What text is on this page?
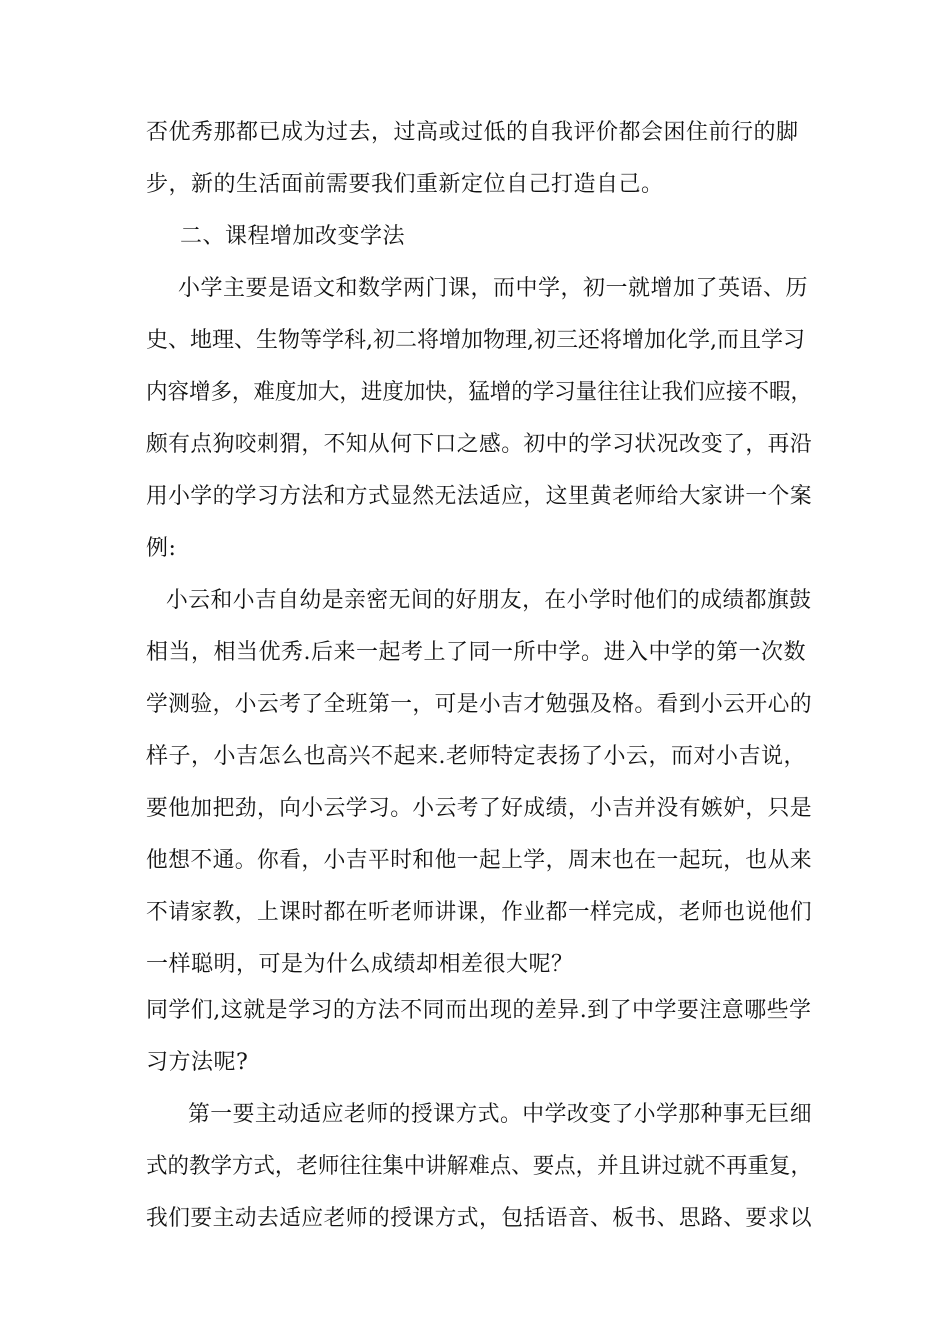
否优秀那都已成为过去，过高或过低的自我评价都会困住前行的脚
步，新的生活面前需要我们重新定位自己打造自己。
二、课程增加改变学法
小学主要是语文和数学两门课，而中学，初一就增加了英语、历
史、地理、生物等学科,初二将增加物理,初三还将增加化学,而且学习
内容增多，难度加大，进度加快，猛增的学习量往往让我们应接不暇，
颇有点狗咬刺猬，不知从何下口之感。初中的学习状况改变了，再沿
用小学的学习方法和方式显然无法适应，这里黄老师给大家讲一个案
例:
小云和小吉自幼是亲密无间的好朋友，在小学时他们的成绩都旗鼓
相当，相当优秀.后来一起考上了同一所中学。进入中学的第一次数
学测验，小云考了全班第一，可是小吉才勉强及格。看到小云开心的
样子，小吉怎么也高兴不起来.老师特定表扬了小云，而对小吉说，
要他加把劲，向小云学习。小云考了好成绩，小吉并没有嫉妒，只是
他想不通。你看，小吉平时和他一起上学，周末也在一起玩，也从来
不请家教，上课时都在听老师讲课，作业都一样完成，老师也说他们
一样聪明，可是为什么成绩却相差很大呢？
同学们,这就是学习的方法不同而出现的差异.到了中学要注意哪些学
习方法呢?
第一要主动适应老师的授课方式。中学改变了小学那种事无巨细
式的教学方式，老师往往集中讲解难点、要点，并且讲过就不再重复，
我们要主动去适应老师的授课方式，包括语音、板书、思路、要求以
